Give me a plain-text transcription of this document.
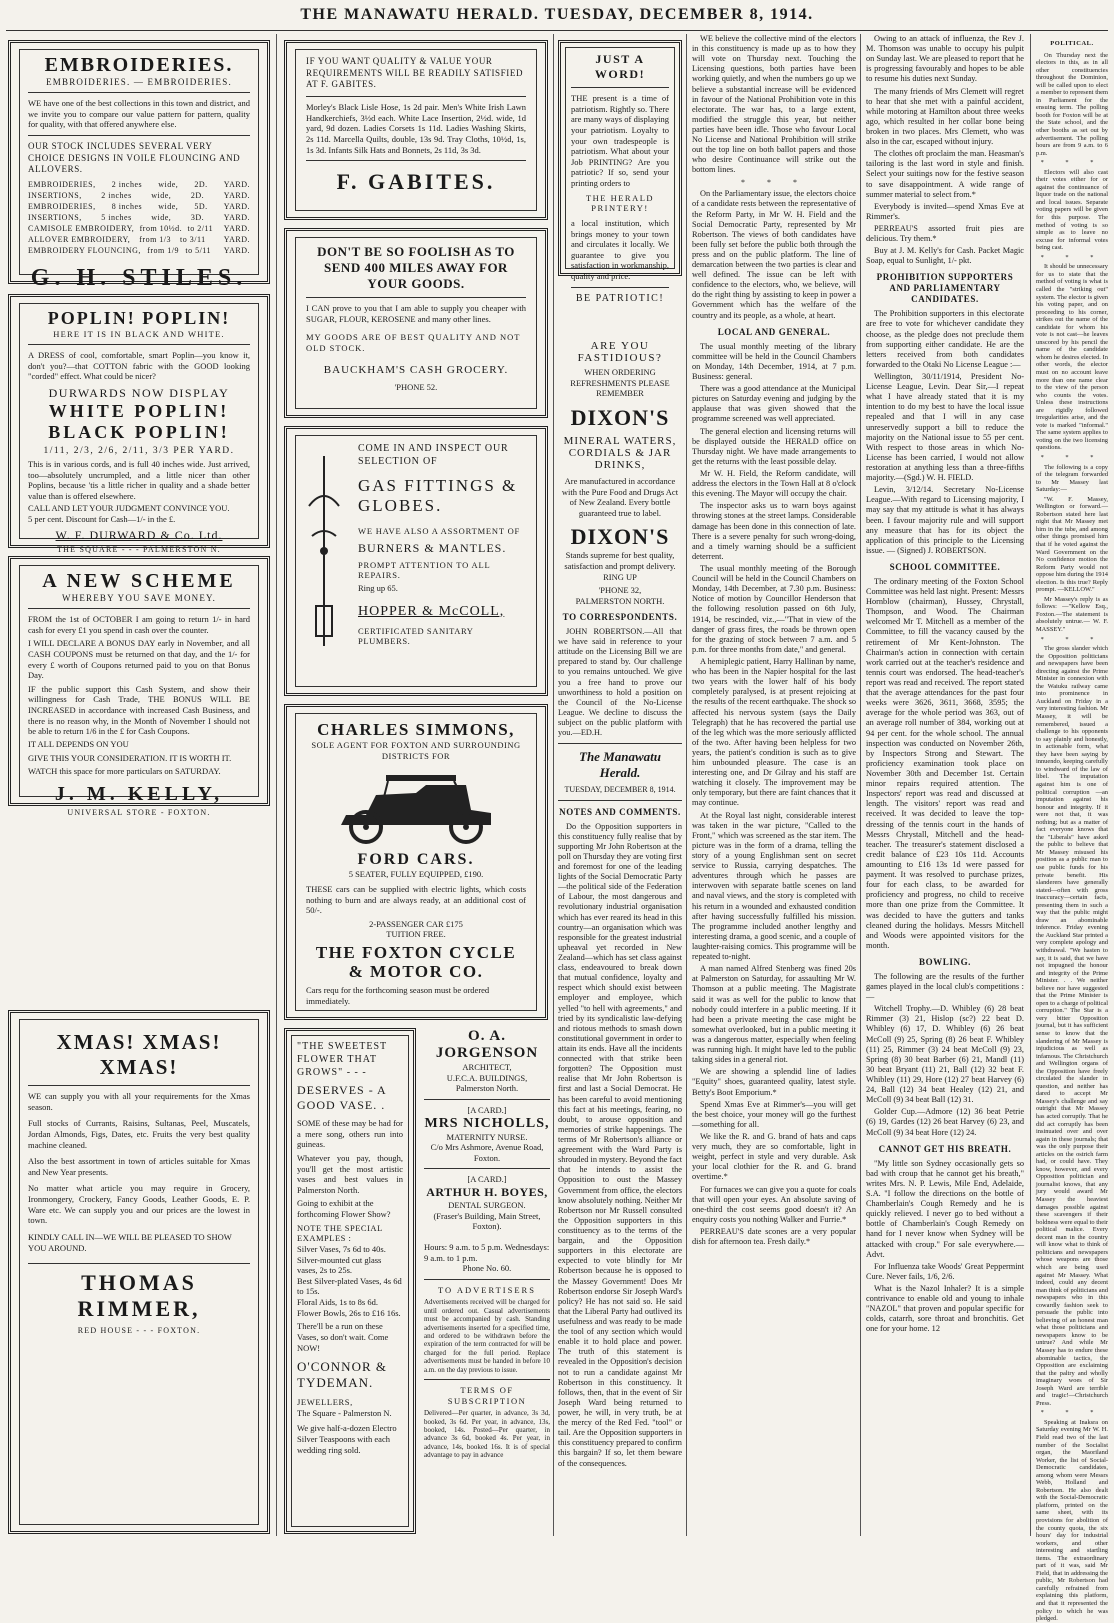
THE MANAWATU HERALD. TUESDAY, DECEMBER 8, 1914.
EMBROIDERIES.
EMBROIDERIES. — EMBROIDERIES.
WE have one of the best collections in this town and district, and we invite you to compare our value pattern for pattern, quality for quality, with that offered anywhere else.
OUR STOCK INCLUDES SEVERAL VERY CHOICE DESIGNS IN VOILE FLOUNCING AND ALLOVERS.
EMBROIDERIES, 2 inches wide, 2D. YARD.
INSERTIONS, 2 inches wide, 2D. YARD.
EMBROIDERIES, 8 inches wide, 5D. YARD.
INSERTIONS, 5 inches wide, 3D. YARD.
CAMISOLE EMBROIDERY, from 10½d. to 2/11 YARD.
ALLOVER EMBROIDERY, from 1/3 to 3/11 YARD.
EMBROIDERY FLOUNCING, from 1/9 to 5/11 YARD.
G. H. STILES.
POPLIN! POPLIN!
HERE IT IS IN BLACK AND WHITE.
A DRESS of cool, comfortable, smart Poplin—you know it, don't you?—that COTTON fabric with the GOOD looking "corded" effect. What could be nicer?
DURWARDS NOW DISPLAY
WHITE POPLIN!
BLACK POPLIN!
1/11, 2/3, 2/6, 2/11, 3/3 PER YARD.
This is in various cords, and is full 40 inches wide. Just arrived, too—absolutely uncrumpled, and a little nicer than other Poplins, because 'tis a little richer in quality and a shade better value than is offered elsewhere.
CALL AND LET YOUR JUDGMENT CONVINCE YOU.
5 per cent. Discount for Cash—1/- in the £.
W. F. DURWARD & Co. Ltd.
THE SQUARE - - - PALMERSTON N.
A NEW SCHEME
WHEREBY YOU SAVE MONEY.
FROM the 1st of OCTOBER I am going to return 1/- in hard cash for every £1 you spend in cash over the counter.
I WILL DECLARE A BONUS DAY early in November, and all CASH COUPONS must be returned on that day, and the 1/- for every £ worth of Coupons returned paid to you on that Bonus Day.
IF the public support this Cash System, and show their willingness for Cash Trade, THE BONUS WILL BE INCREASED in accordance with increased Cash Business, and there is no reason why, in the Month of November I should not be able to return 1/6 in the £ for Cash Coupons.
IT ALL DEPENDS ON YOU
GIVE THIS YOUR CONSIDERATION. IT IS WORTH IT.
WATCH this space for more particulars on SATURDAY.
J. M. KELLY,
UNIVERSAL STORE - FOXTON.
XMAS! XMAS! XMAS!
WE can supply you with all your requirements for the Xmas season.
Full stocks of Currants, Raisins, Sultanas, Peel, Muscatels, Jordan Almonds, Figs, Dates, etc. Fruits the very best quality machine cleaned.
Also the best assortment in town of articles suitable for Xmas and New Year presents.
No matter what article you may require in Grocery, Ironmongery, Crockery, Fancy Goods, Leather Goods, E. P. Ware etc. We can supply you and our prices are the lowest in town.
KINDLY CALL IN—WE WILL BE PLEASED TO SHOW YOU AROUND.
THOMAS RIMMER,
RED HOUSE - - - FOXTON.
IF YOU WANT QUALITY & VALUE YOUR REQUIREMENTS WILL BE READILY SATISFIED AT F. GABITES.
Morley's Black Lisle Hose, 1s 2d pair. Men's White Irish Lawn Handkerchiefs, 3½d each. White Lace Insertion, 2½d. wide, 1d yard, 9d dozen. Ladies Corsets 1s 11d. Ladies Washing Skirts, 2s 11d. Marcella Quilts, double, 13s 9d. Tray Cloths, 10½d, 1s, 1s 3d. Infants Silk Hats and Bonnets, 2s 11d, 3s 3d.
F. GABITES.
DON'T BE SO FOOLISH AS TO SEND 400 MILES AWAY FOR YOUR GOODS.
I CAN prove to you that I am able to supply you cheaper with SUGAR, FLOUR, KEROSENE and many other lines.
MY GOODS ARE OF BEST QUALITY AND NOT OLD STOCK.
BAUCKHAM'S CASH GROCERY.
'PHONE 52.
COME IN AND INSPECT OUR SELECTION OF
GAS FITTINGS & GLOBES.
WE HAVE ALSO A ASSORTMENT OF
BURNERS & MANTLES.
PROMPT ATTENTION TO ALL REPAIRS.
Ring up 65.
HOPPER & McCOLL,
CERTIFICATED SANITARY PLUMBERS.
CHARLES SIMMONS,
SOLE AGENT FOR FOXTON AND SURROUNDING DISTRICTS FOR
FORD CARS.
5 SEATER, FULLY EQUIPPED, £190.
THESE cars can be supplied with electric lights, which costs nothing to burn and are always ready, at an additional cost of 50/-.
2-PASSENGER CAR £175
TUITION FREE.
THE FOXTON CYCLE & MOTOR CO.
Cars requ for the forthcoming season must be ordered immediately.
"THE SWEETEST FLOWER THAT GROWS" - - -
DESERVES - A GOOD VASE. .
SOME of these may be had for a mere song, others run into guineas.
Whatever you pay, though, you'll get the most artistic vases and best values in Palmerston North.
Going to exhibit at the forthcoming Flower Show?
NOTE THE SPECIAL EXAMPLES :
Silver Vases, 7s 6d to 40s.
Silver-mounted cut glass vases, 2s to 25s.
Best Silver-plated Vases, 4s 6d to 15s.
Floral Aids, 1s to 8s 6d.
Flower Bowls, 26s to £16 16s.
There'll be a run on these Vases, so don't wait. Come NOW!
O'CONNOR & TYDEMAN.
JEWELLERS,
The Square - Palmerston N.
We give half-a-dozen Electro Silver Teaspoons with each wedding ring sold.
O. A. JORGENSON
ARCHITECT,
U.F.C.A. BUILDINGS,
Palmerston North.
[A CARD.]
MRS NICHOLLS,
MATERNITY NURSE.
C/o Mrs Ashmore, Avenue Road, Foxton.
[A CARD.]
ARTHUR H. BOYES,
DENTAL SURGEON.
(Fraser's Building, Main Street, Foxton).
Hours: 9 a.m. to 5 p.m. Wednesdays: 9 a.m. to 1 p.m.
Phone No. 60.
TO ADVERTISERS
Advertisements received will be charged for until ordered out. Casual advertisements must be accompanied by cash. Standing advertisements inserted for a specified time, and ordered to be withdrawn before the expiration of the term contracted for will be charged for the full period. Replace advertisements must be handed in before 10 a.m. on the day previous to issue.
TERMS OF SUBSCRIPTION
Delivered—Per quarter, in advance, 3s 3d, booked, 3s 6d. Per year, in advance, 13s, booked, 14s. Posted—Per quarter, in advance 3s 6d, booked 4s. Per year, in advance, 14s, booked 16s. It is of special advantage to pay in advance
JUST A WORD!
THE present is a time of patriotism. Rightly so. There are many ways of displaying your patriotism. Loyalty to your own tradespeople is patriotism. What about your Job PRINTING? Are you patriotic? If so, send your printing orders to
THE HERALD PRINTERY!
a local institution, which brings money to your town and circulates it locally. We guarantee to give you satisfaction in workmanship, quality and price.
BE PATRIOTIC!
ARE YOU FASTIDIOUS?
WHEN ORDERING REFRESHMENTS PLEASE REMEMBER
DIXON'S
MINERAL WATERS, CORDIALS & JAR DRINKS,
Are manufactured in accordance with the Pure Food and Drugs Act of New Zealand. Every bottle guaranteed true to label.
DIXON'S
Stands supreme for best quality, satisfaction and prompt delivery. RING UP
'PHONE 32,
PALMERSTON NORTH.
TO CORRESPONDENTS.

JOHN ROBERTSON.—All that we have said in reference to your attitude on the Licensing Bill we are prepared to stand by. Our challenge to you remains untouched. We give you a free hand to prove our unworthiness to hold a position on the Council of the No-License League. We decline to discuss the subject on the public platform with you.—ED.H.

The Manawatu Herald.
TUESDAY, DECEMBER 8, 1914.
NOTES AND COMMENTS.

Do the Opposition supporters in this constituency fully realise that by supporting Mr John Robertson at the poll on Thursday they are voting first and foremost for one of the leading lights of the Social Democratic Party—the political side of the Federation of Labour, the most dangerous and revolutionary industrial organisation which has ever reared its head in this country—an organisation which was responsible for the greatest industrial upheaval yet recorded in New Zealand—which has set class against class, endeavoured to break down that mutual confidence, loyalty and respect which should exist between employer and employee, which yelled "to hell with agreements," and tried by its syndicalistic law-defying and riotous methods to smash down constitutional government in order to attain its ends. Have all the incidents connected with that strike been forgotten? The Opposition must realise that Mr John Robertson is first and last a Social Democrat. He has been careful to avoid mentioning this fact at his meetings, fearing, no doubt, to arouse opposition and memories of strike happenings. The terms of Mr Robertson's alliance or agreement with the Ward Party is shrouded in mystery. Beyond the fact that he intends to assist the Opposition to oust the Massey Government from office, the electors know absolutely nothing. Neither Mr Robertson nor Mr Russell consulted the Opposition supporters in this constituency as to the terms of the bargain, and the Opposition supporters in this electorate are expected to vote blindly for Mr Robertson because he is opposed to the Massey Government! Does Mr Robertson endorse Sir Joseph Ward's policy? He has not said so. He said that the Liberal Party had outlived its usefulness and was ready to be made the tool of any section which would enable it to hold place and power. The truth of this statement is revealed in the Opposition's decision not to run a candidate against Mr Robertson in this constituency. It follows, then, that in the event of Sir Joseph Ward being returned to power, he will, in very truth, be at the mercy of the Red Fed. "tool" or tail. Are the Opposition supporters in this constituency prepared to confirm this bargain? If so, let them beware of the consequences.

WE believe the collective mind of the electors in this constituency is made up as to how they will vote on Thursday next. Touching the Licensing questions, both parties have been working quietly, and when the numbers go up we believe a substantial increase will be evidenced in favour of the National Prohibition vote in this electorate. The war has, to a large extent, modified the struggle this year, but neither parties have been idle. Those who favour Local No License and National Prohibition will strike out the top line on both ballot papers and those who desire Continuance will strike out the bottom lines.

* * *

On the Parliamentary issue, the electors choice of a candidate rests between the representative of the Reform Party, in Mr W. H. Field and the Social Democratic Party, represented by Mr Robertson. The views of both candidates have been fully set before the public both through the press and on the public platform. The line of demarcation between the two parties is clear and well defined. The issue can be left with confidence to the electors, who, we believe, will do the right thing by assisting to keep in power a Government which has the welfare of the country and its people, as a whole, at heart.

LOCAL AND GENERAL.

The usual monthly meeting of the library committee will be held in the Council Chambers on Monday, 14th December, 1914, at 7 p.m. Business: general.

There was a good attendance at the Municipal pictures on Saturday evening and judging by the applause that was given showed that the programme screened was well appreciated.

The general election and licensing returns will be displayed outside the HERALD office on Thursday night. We have made arrangements to get the returns with the least possible delay.

Mr W. H. Field, the Reform candidate, will address the electors in the Town Hall at 8 o'clock this evening. The Mayor will occupy the chair.

The inspector asks us to warn boys against throwing stones at the street lamps. Considerable damage has been done in this connection of late. There is a severe penalty for such wrong-doing, and a timely warning should be a sufficient deterrent.

The usual monthly meeting of the Borough Council will be held in the Council Chambers on Monday, 14th December, at 7.30 p.m. Business: Notice of motion by Councillor Henderson that the following resolution passed on 6th July, 1914, be rescinded, viz.,—"That in view of the danger of grass fires, the roads be thrown open for the grazing of stock between 7 a.m. and 5 p.m. for three months from date," and general.

A hemiplegic patient, Harry Hallinan by name, who has been in the Napier hospital for the last two years with the lower half of his body completely paralysed, is at present rejoicing at the results of the recent earthquake. The shock so affected his nervous system (says the Daily Telegraph) that he has recovered the partial use of the leg which was the more seriously afflicted of the two. After having been helpless for two years, the patient's condition is such as to give him unbounded pleasure. The case is an interesting one, and Dr Gilray and his staff are watching it closely. The improvement may be only temporary, but there are faint chances that it may continue.

At the Royal last night, considerable interest was taken in the war picture, "Called to the Front," which was screened as the star item. The picture was in the form of a drama, telling the story of a young Englishman sent on secret service to Russia, carrying despatches. The adventures through which he passes are interwoven with separate battle scenes on land and naval views, and the story is completed with his return in a wounded and exhausted condition after having successfully fulfilled his mission. The programme included another lengthy and interesting drama, a good scenic, and a couple of laughter-raising comics. This programme will be repeated to-night.

A man named Alfred Stenberg was fined 20s at Palmerston on Saturday, for assaulting Mr W. Thomson at a public meeting. The Magistrate said it was as well for the public to know that nobody could interfere in a public meeting. If it had been a private meeting the case might be somewhat overlooked, but in a public meeting it was a dangerous matter, especially when feeling was running high. It might have led to the public taking sides in a general riot.

We are showing a splendid line of ladies "Equity" shoes, guaranteed quality, latest style. Betty's Boot Emporium.*

Spend Xmas Eve at Rimmer's—you will get the best choice, your money will go the furthest—something for all.

We like the R. and G. brand of hats and caps very much, they are so comfortable, light in weight, perfect in style and very durable. Ask your local clothier for the R. and G. brand overtime.*

For furnaces we can give you a quote for coals that will open your eyes. An absolute saving of one-third the cost seems good doesn't it? An enquiry costs you nothing Walker and Furrie.*

PERREAU'S date scones are a very popular dish for afternoon tea. Fresh daily.*

Owing to an attack of influenza, the Rev J. M. Thomson was unable to occupy his pulpit on Sunday last. We are pleased to report that he is progressing favourably and hopes to be able to resume his duties next Sunday.

The many friends of Mrs Clemett will regret to hear that she met with a painful accident, while motoring at Hamilton about three weeks ago, which resulted in her collar bone being broken in two places. Mrs Clemett, who was also in the car, escaped without injury.

The clothes oft proclaim the man. Heasman's tailoring is the last word in style and finish. Select your suitings now for the festive season to save disappointment. A wide range of summer material to select from.*

Everybody is invited—spend Xmas Eve at Rimmer's.

PERREAU'S assorted fruit pies are delicious. Try them.*

Buy at J. M. Kelly's for Cash. Packet Magic Soap, equal to Sunlight, 1/- pkt.

PROHIBITION SUPPORTERS AND PARLIAMENTARY CANDIDATES.

The Prohibition supporters in this electorate are free to vote for whichever candidate they choose, as the pledge does not preclude them from supporting either candidate. He are the letters received from both candidates forwarded to the Otaki No License League :—

Wellington, 30/11/1914, President No-License League, Levin. Dear Sir,—I repeat what I have already stated that it is my intention to do my best to have the local issue repealed and that I will in any case unreservedly support a bill to reduce the majority on the National issue to 55 per cent. With respect to those areas in which No-License has been carried, I would not allow restoration at anything less than a three-fifths majority.—(Sgd.) W. H. FIELD.

Levin, 3/12/14. Secretary No-License League.—With regard to Licensing majority, I may say that my attitude is what it has always been. I favour majority rule and will support any measure that has for its object the application of this principle to the Licensing issue. — (Signed) J. ROBERTSON.

SCHOOL COMMITTEE.

The ordinary meeting of the Foxton School Committee was held last night. Present: Messrs Hornblow (chairman), Hussey, Chrystall, Thompson, and Wood. The Chairman welcomed Mr T. Mitchell as a member of the Committee, to fill the vacancy caused by the retirement of Mr Kent-Johnston. The Chairman's action in connection with certain work carried out at the teacher's residence and tennis court was endorsed. The head-teacher's report was read and received. The report stated that the average attendances for the past four weeks were 3626, 3611, 3668, 3595; the average for the whole period was 363, out of an average roll number of 384, working out at 94 per cent. for the whole school. The annual inspection was conducted on November 26th, by Inspectors Strong and Stewart. The proficiency examination took place on November 30th and December 1st. Certain minor repairs required attention. The Inspectors' report was read and discussed at length. The visitors' report was read and received. It was decided to leave the top-dressing of the tennis court in the hands of Messrs Chrystall, Mitchell and the head-teacher. The treasurer's statement disclosed a credit balance of £23 10s 11d. Accounts amounting to £16 13s 1d were passed for payment. It was resolved to purchase prizes, four for each class, to be awarded for proficiency and progress, no child to receive more than one prize from the Committee. It was decided to have the gutters and tanks cleaned during the holidays. Messrs Mitchell and Woods were appointed visitors for the month.

BOWLING.

The following are the results of the further games played in the local club's competitions :—

Witchell Trophy.—D. Whibley (6) 28 beat Rimmer (3) 21, Hislop (sc?) 22 beat D. Whibley (6) 17, D. Whibley (6) 26 beat McColl (9) 25, Spring (8) 26 beat F. Whibley (11) 25, Rimmer (3) 24 beat McColl (9) 23, Spring (8) 30 beat Barber (6) 21, Mandl (11) 30 beat Bryant (11) 21, Ball (12) 32 beat F. Whibley (11) 29, Hore (12) 27 beat Harvey (6) 24, Ball (12) 34 beat Healey (12) 21, and McColl (9) 34 beat Ball (12) 31.

Golder Cup.—Admore (12) 36 beat Petrie (6) 19, Gardes (12) 26 beat Harvey (6) 23, and McColl (9) 34 beat Hore (12) 24.

CANNOT GET HIS BREATH.

"My little son Sydney occasionally gets so bad with croup that he cannot get his breath," writes Mrs. N. P. Lewis, Mile End, Adelaide, S.A. "I follow the directions on the bottle of Chamberlain's Cough Remedy and he is quickly relieved. I never go to bed without a bottle of Chamberlain's Cough Remedy on hand for I never know when Sydney will be attacked with croup." For sale everywhere.—Advt.

For Influenza take Woods' Great Peppermint Cure. Never fails, 1/6, 2/6.

What is the Nazol Inhaler? It is a simple contrivance to enable old and young to inhale "NAZOL" that proven and popular specific for colds, catarrh, sore throat and bronchitis. Get one for your home. 12

POLITICAL.

On Thursday next the electors in this, as in all other constituencies throughout the Dominion, will be called upon to elect a member to represent them in Parliament for the ensuing term. The polling booth for Foxton will be at the State school, and the other booths as set out by advertisement. The polling hours are from 9 a.m. to 6 p.m.

* * *

Electors will also cast their votes either for or against the continuance of liquor trade on the national and local issues. Separate voting papers will be given for this purpose. The method of voting is so simple as to leave no excuse for informal votes being cast.

* * *

It should be unnecessary for us to state that the method of voting is what is called the "striking out" system. The elector is given his voting paper, and on proceeding to his corner, strikes out the name of the candidate for whom his vote is not cast—he leaves unscored by his pencil the name of the candidate whom he desires elected. In other words, the elector must on no account leave more than one name clear to the view of the person who counts the votes. Unless these instructions are rigidly followed irregularities arise, and the vote is marked "informal." The same system applies to voting on the two licensing questions.

* * *

The following is a copy of the telegram forwarded to Mr Massey last Saturday:—

"W. F. Massey, Wellington or forward.—Robertson stated here last night that Mr Massey met him in the tube, and among other things promised him that if he voted against the Ward Government on the No confidence motion the Reform Party would not oppose him during the 1914 election. Is this true? Reply prompt. —KELLOW."

Mr Massey's reply is as follows: —"Kellow Esq., Foxton.—The statement is absolutely untrue.— W. F. MASSEY."

* * *

The gross slander which the Opposition politicians and newspapers have been directing against the Prime Minister in connexion with the Waiuku railway came into prominence in Auckland on Friday in a very interesting fashion. Mr Massey, it will be remembered, issued a challenge to his opponents to say plainly and honestly, in actionable form, what they have been saying by innuendo, keeping carefully to windward of the law of libel. The imputation against him is one of political corruption —an imputation against his honour and integrity. If it were not that, it was nothing; but as a matter of fact everyone knows that the "Liberals" have asked the public to believe that Mr Massey misused his position as a public man to use public funds for his private benefit. His slanderers have generally stated—often with gross inaccuracy—certain facts, presenting them in such a way that the public might draw an abominable inference. Friday evening the Auckland Star printed a very complete apology and withdrawal. "We hasten to say, it is said, that we have not impugned the honour and integrity of the Prime Minister. . . We neither believe nor have suggested that the Prime Minister is open to a charge of political corruption." The Star is a very bitter Opposition journal, but it has sufficient sense to know that the slandering of Mr Massey is injudicious as well as infamous. The Christchurch and Wellington organs of the Opposition have freely circulated the slander in question, and neither has dared to accept Mr Massey's challenge and say outright that Mr Massey has acted corruptly. That he did act corruptly has been insinuated over and over again in these journals; that was the only purpose their articles on the ostrich farm had, or could have. They know, however, and every Opposition politician and journalist knows, that any jury would award Mr Massey the heaviest damages possible against these scavengers if their boldness were equal to their political malice. Every decent man in the country will know what to think of politicians and newspapers whose weapons are those which are being used against Mr Massey. What indeed, could any decent man think of politicians and newspapers who in this cowardly fashion seek to persuade the public into believing of an honest man what those politicians and newspapers know to be untrue? And while Mr Massey has to endure these abominable tactics, the Opposition are exclaiming that the paltry and wholly imaginary woes of Sir Joseph Ward are terrible and tragic!—Christchurch Press.

* * *

Speaking at Inaksra on Saturday evening Mr W. H. Field read two of the last number of the Socialist organ, the Maoriland Worker, the list of Social-Democratic candidates, among whom were Messrs Webb, Holland and Robertson. He also dealt with the Social-Democratic platform, printed on the same sheet, with its provisions for abolition of the county quota, the six hours' day for industrial workers, and other interesting and startling items. The extraordinary part of it was, said Mr Field, that in addressing the public, Mr Robertson had carefully refrained from explaining this platform, and that it represented the policy to which he was pledged.
